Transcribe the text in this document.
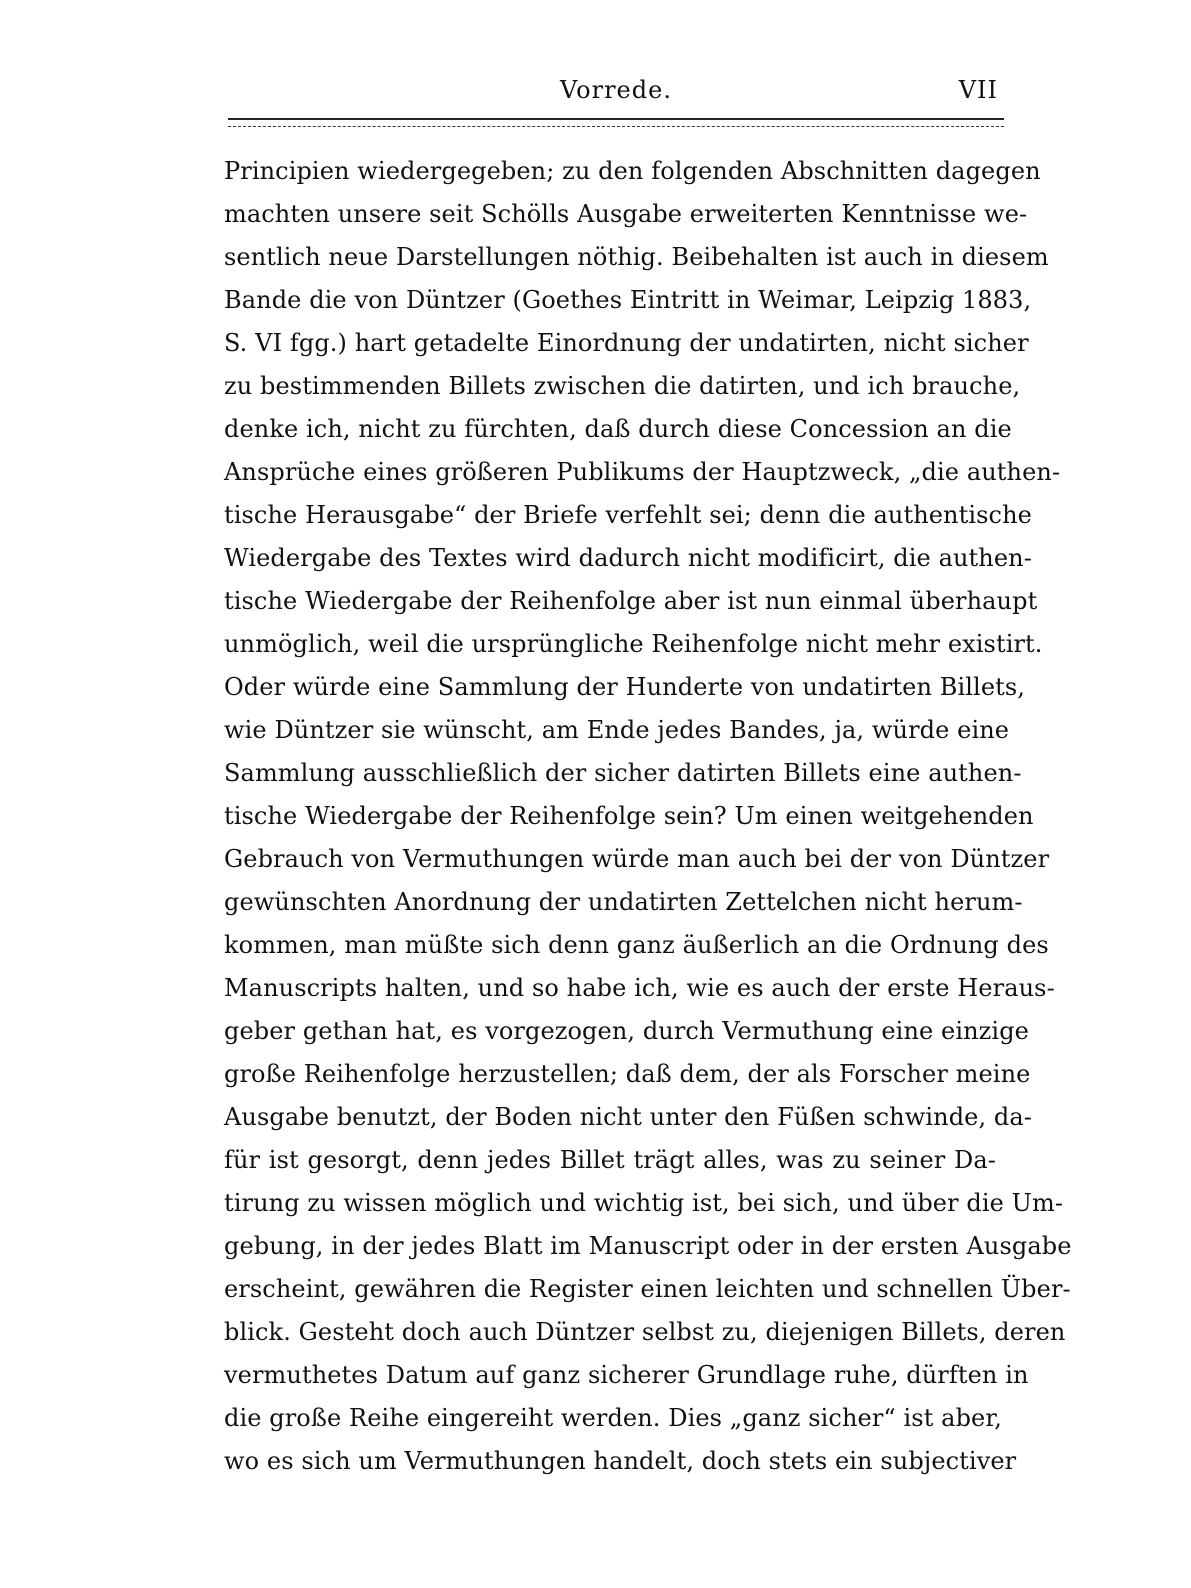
Vorrede.	VII
Principien wiedergegeben; zu den folgenden Abschnitten dagegen
machten unsere seit Schölls Ausgabe erweiterten Kenntnisse we-
sentlich neue Darstellungen nöthig. Beibehalten ist auch in diesem
Bande die von Düntzer (Goethes Eintritt in Weimar, Leipzig 1883,
S. VI fgg.) hart getadelte Einordnung der undatirten, nicht sicher
zu bestimmenden Billets zwischen die datirten, und ich brauche,
denke ich, nicht zu fürchten, daß durch diese Concession an die
Ansprüche eines größeren Publikums der Hauptzweck, „die authen-
tische Herausgabe“ der Briefe verfehlt sei; denn die authentische
Wiedergabe des Textes wird dadurch nicht modificirt, die authen-
tische Wiedergabe der Reihenfolge aber ist nun einmal überhaupt
unmöglich, weil die ursprüngliche Reihenfolge nicht mehr existirt.
Oder würde eine Sammlung der Hunderte von undatirten Billets,
wie Düntzer sie wünscht, am Ende jedes Bandes, ja, würde eine
Sammlung ausschließlich der sicher datirten Billets eine authen-
tische Wiedergabe der Reihenfolge sein? Um einen weitgehenden
Gebrauch von Vermuthungen würde man auch bei der von Düntzer
gewünschten Anordnung der undatirten Zettelchen nicht herum-
kommen, man müßte sich denn ganz äußerlich an die Ordnung des
Manuscripts halten, und so habe ich, wie es auch der erste Heraus-
geber gethan hat, es vorgezogen, durch Vermuthung eine einzige
große Reihenfolge herzustellen; daß dem, der als Forscher meine
Ausgabe benutzt, der Boden nicht unter den Füßen schwinde, da-
für ist gesorgt, denn jedes Billet trägt alles, was zu seiner Da-
tirung zu wissen möglich und wichtig ist, bei sich, und über die Um-
gebung, in der jedes Blatt im Manuscript oder in der ersten Ausgabe
erscheint, gewähren die Register einen leichten und schnellen Über-
blick. Gesteht doch auch Düntzer selbst zu, diejenigen Billets, deren
vermuthetes Datum auf ganz sicherer Grundlage ruhe, dürften in
die große Reihe eingereiht werden. Dies „ganz sicher“ ist aber,
wo es sich um Vermuthungen handelt, doch stets ein subjectiver
